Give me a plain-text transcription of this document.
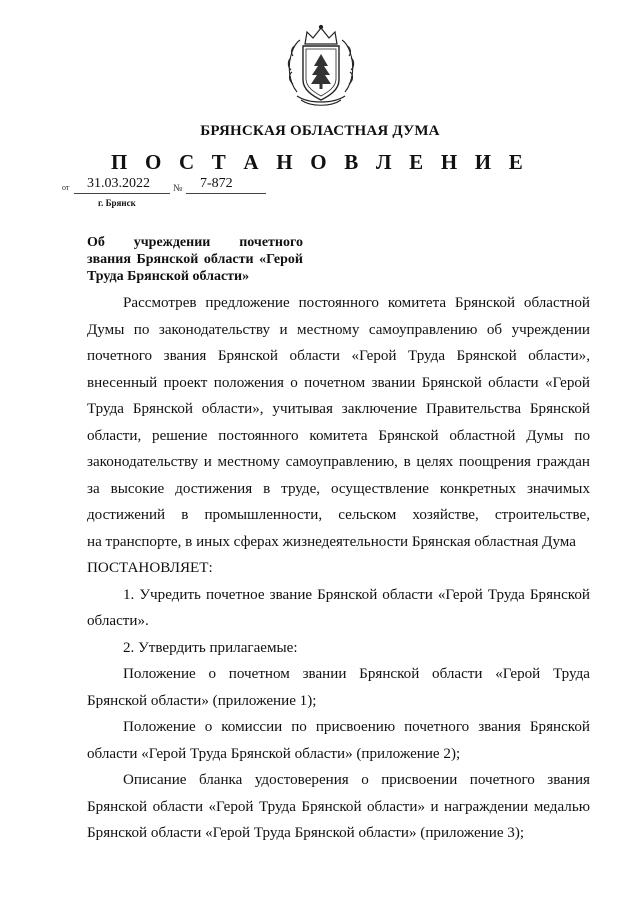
БРЯНСКАЯ ОБЛАСТНАЯ ДУМА
П О С Т А Н О В Л Е Н И Е
от 31.03.2022 № 7-872
г. Брянск
Об учреждении почетного
звания Брянской области «Герой
Труда Брянской области»
Рассмотрев предложение постоянного комитета Брянской областной
Думы по законодательству и местному самоуправлению об учреждении
почетного звания Брянской области «Герой Труда Брянской области»,
внесенный проект положения о почетном звании Брянской области «Герой
Труда Брянской области», учитывая заключение Правительства Брянской
области, решение постоянного комитета Брянской областной Думы по
законодательству и местному самоуправлению, в целях поощрения граждан
за высокие достижения в труде, осуществление конкретных значимых
достижений в промышленности, сельском хозяйстве, строительстве,
на транспорте, в иных сферах жизнедеятельности Брянская областная Дума
ПОСТАНОВЛЯЕТ:
1. Учредить почетное звание Брянской области «Герой Труда Брянской
области».
2. Утвердить прилагаемые:
Положение о почетном звании Брянской области «Герой Труда
Брянской области» (приложение 1);
Положение о комиссии по присвоению почетного звания Брянской
области «Герой Труда Брянской области» (приложение 2);
Описание бланка удостоверения о присвоении почетного звания
Брянской области «Герой Труда Брянской области» и награждении медалью
Брянской области «Герой Труда Брянской области» (приложение 3);
